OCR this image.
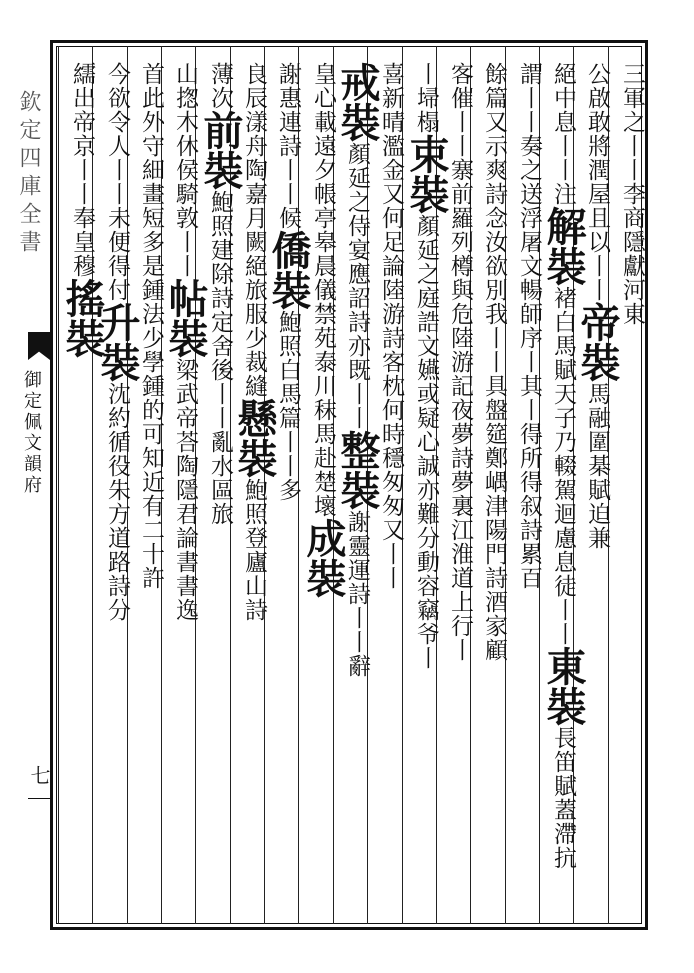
欽定四庫全書
御定佩文韻府
七
三軍之丨丨李商隱獻河東
公啟敢將潤屋且以丨丨帝裝馬融圍棊賦迫兼
絕中息丨丨注解裝褚白馬賦天子乃輟駕迴慮息徒丨丨東裝長笛賦蓋滯抗
謂丨丨奏之送浮屠文暢師序丨其丨得所得叙詩累百
餘篇又示爽詩念汝欲別我丨丨具盤筵鄭嵎津陽門詩酒家顧
客催丨丨寨前羅列樽與危陸游記夜夢詩夢裏江淮道上行丨
丨埽榻束裝顏延之庭誥文嬿或疑心誠亦難分動容竊爷丨
喜新晴濫金又何足論陸游詩客枕何時穩匆匆又丨丨
戒裝顏延之侍宴應詔詩亦既丨丨整裝謝靈運詩丨丨辭
皇心載遠夕帳亭皋晨儀禁苑泰川秣馬赴楚壞成裝
謝惠連詩丨丨候僑裝鮑照白馬篇丨丨多
良辰漾舟陶嘉月闕絕旅服少裁縫懸裝鮑照登廬山詩
薄次前裝鮑照建除詩定舍後丨丨亂水區旅
山揔木休侯騎敦丨丨帖裝梁武帝荅陶隱君論書書逸
首此外守細畫短多是鍾法少學鍾的可知近有二十許
今欲令人丨丨未便得付升裝沈約循役朱方道路詩分
繻出帝京丨丨奉皇穆搖裝
